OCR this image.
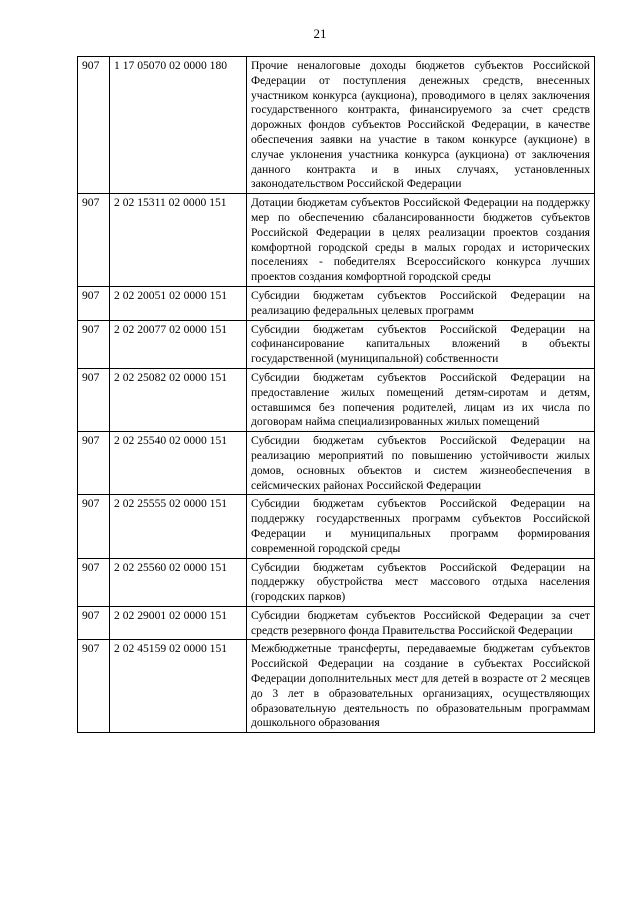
21
907	1 17 05070 02 0000 180	Прочие неналоговые доходы бюджетов субъектов Российской Федерации от поступления денежных средств, внесенных участником конкурса (аукциона), проводимого в целях заключения государственного контракта, финансируемого за счет средств дорожных фондов субъектов Российской Федерации, в качестве обеспечения заявки на участие в таком конкурсе (аукционе) в случае уклонения участника конкурса (аукциона) от заключения данного контракта и в иных случаях, установленных законодательством Российской Федерации
907	2 02 15311 02 0000 151	Дотации бюджетам субъектов Российской Федерации на поддержку мер по обеспечению сбалансированности бюджетов субъектов Российской Федерации в целях реализации проектов создания комфортной городской среды в малых городах и исторических поселениях - победителях Всероссийского конкурса лучших проектов создания комфортной городской среды
907	2 02 20051 02 0000 151	Субсидии бюджетам субъектов Российской Федерации на реализацию федеральных целевых программ
907	2 02 20077 02 0000 151	Субсидии бюджетам субъектов Российской Федерации на софинансирование капитальных вложений в объекты государственной (муниципальной) собственности
907	2 02 25082 02 0000 151	Субсидии бюджетам субъектов Российской Федерации на предоставление жилых помещений детям-сиротам и детям, оставшимся без попечения родителей, лицам из их числа по договорам найма специализированных жилых помещений
907	2 02 25540 02 0000 151	Субсидии бюджетам субъектов Российской Федерации на реализацию мероприятий по повышению устойчивости жилых домов, основных объектов и систем жизнеобеспечения в сейсмических районах Российской Федерации
907	2 02 25555 02 0000 151	Субсидии бюджетам субъектов Российской Федерации на поддержку государственных программ субъектов Российской Федерации и муниципальных программ формирования современной городской среды
907	2 02 25560 02 0000 151	Субсидии бюджетам субъектов Российской Федерации на поддержку обустройства мест массового отдыха населения (городских парков)
907	2 02 29001 02 0000 151	Субсидии бюджетам субъектов Российской Федерации за счет средств резервного фонда Правительства Российской Федерации
907	2 02 45159 02 0000 151	Межбюджетные трансферты, передаваемые бюджетам субъектов Российской Федерации на создание в субъектах Российской Федерации дополнительных мест для детей в возрасте от 2 месяцев до 3 лет в образовательных организациях, осуществляющих образовательную деятельность по образовательным программам дошкольного образования
